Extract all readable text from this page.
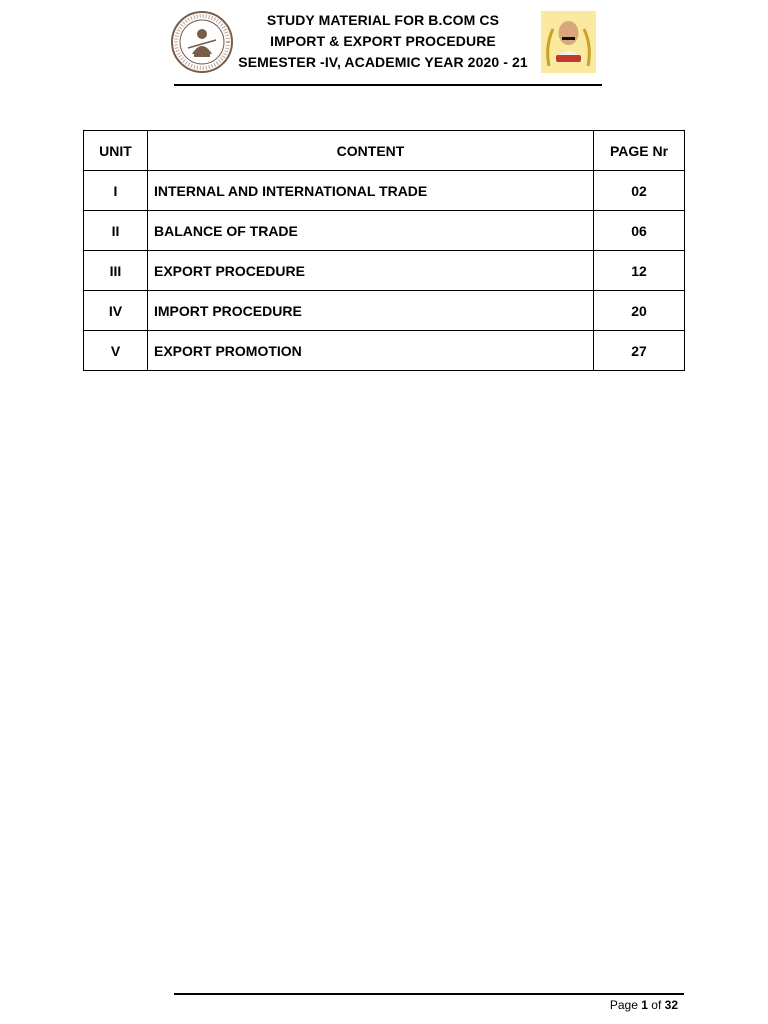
STUDY MATERIAL FOR B.COM CS
IMPORT & EXPORT PROCEDURE
SEMESTER -IV, ACADEMIC YEAR 2020 - 21
UNIT	CONTENT	PAGE Nr
I	INTERNAL AND INTERNATIONAL TRADE	02
II	BALANCE OF TRADE	06
III	EXPORT PROCEDURE	12
IV	IMPORT PROCEDURE	20
V	EXPORT PROMOTION	27
Page 1 of 32
